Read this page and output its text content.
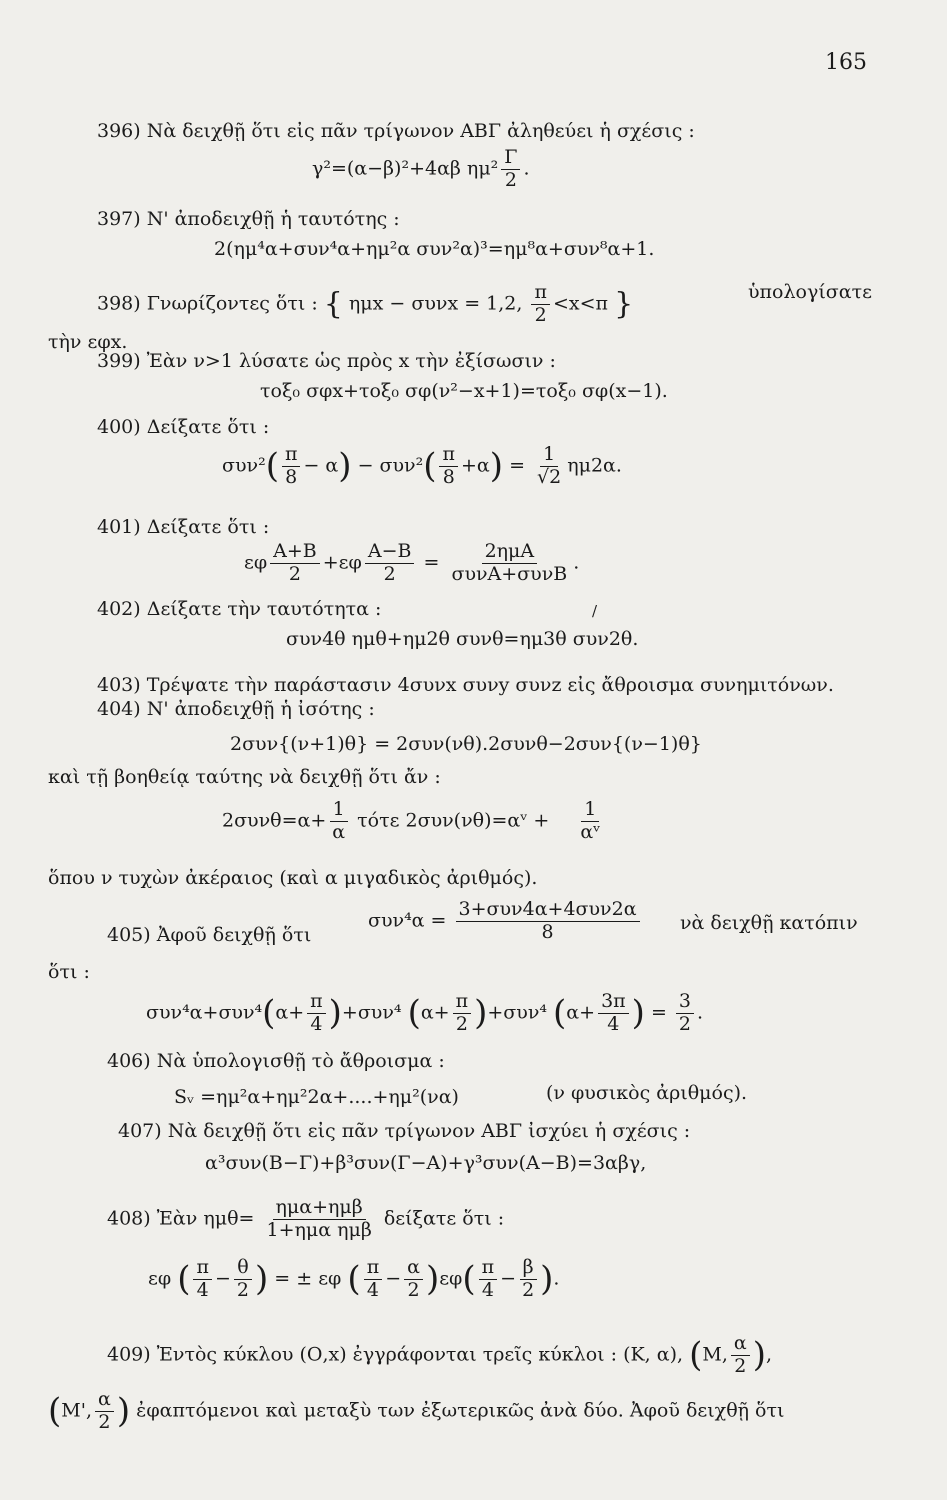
165
396) Νὰ δειχθῇ ὅτι εἰς πᾶν τρίγωνον ΑΒΓ ἀληθεύει ἡ σχέσις :
γ²=(α−β)²+4αβ $\eta\mu^2 \frac{\Gamma}{2}$ .
397) Ν' ἀποδειχθῇ ἡ ταυτότης :
2(ημ⁴α+συν⁴α+ημ²α συν²α)³=ημ⁸α+συν⁸α+1.
398) Γνωρίζοντες ὅτι : { ημx − συνx = 1,2, $\frac{\pi}{2} <x<\pi$ }	ὑπολογίσατε
τὴν εφx.
399) Ἐὰν ν>1 λύσατε ὡς πρὸς x τὴν ἐξίσωσιν :
τοξ₀ σφx+τοξ₀ σφ(ν²−x+1)=τοξ₀ σφ(x−1).
400) Δείξατε ὅτι :
$\sigma\upsilon\nu^2( \frac{\pi}{8} - \alpha) - \sigma\upsilon\nu^2( \frac{\pi}{8} +\alpha) = \frac{1}{√2} \eta\mu 2\alpha$.
401) Δείξατε ὅτι :
εφ $\frac{A+B}{2} +\varepsilon\varphi \frac{A-B}{2} = \frac{\text{2ημΑ}}{\text{συνΑ+συνΒ}}$ .
402) Δείξατε τὴν ταυτότητα :	/
συν4θ ημθ+ημ2θ συνθ=ημ3θ συν2θ.
403) Τρέψατε τὴν παράστασιν 4συνx συνy συνz εἰς ἄθροισμα συνημιτόνων.
404) Ν' ἀποδειχθῇ ἡ ἰσότης :
2συν{(ν+1)θ} = 2συν(νθ).2συνθ−2συν{(ν−1)θ}
καὶ τῇ βοηθείᾳ ταύτης νὰ δειχθῇ ὅτι ἄν :
$2\sigma\upsilon\nu\theta=\alpha+ \frac{1}{\alpha}$ τότε 2συν(νθ)=αᵛ + $\frac{1}{\text{αᵛ}}$
ὅπου ν τυχὼν ἀκέραιος (καὶ α μιγαδικὸς ἀριθμός).
405) Ἀφοῦ δειχθῇ ὅτι
$\sigma\upsilon\nu^4\alpha = \frac{\text{3+συν4α+4συν2α}}{8}$ νὰ δειχθῇ κατόπιν
ὅτι :
$\sigma\upsilon\nu^4\alpha+\sigma\upsilon\nu^4(\alpha+ \frac{\pi}{4} )+\sigma\upsilon\nu^4$ $(\alpha+ \frac{\pi}{2} )+\sigma\upsilon\nu^4$ ($\alpha+ \frac{3\pi}{4}$ ) = $\frac{3}{2}$ .
406) Νὰ ὑπολογισθῇ τὸ ἄθροισμα :
Sᵥ =ημ²α+ημ²2α+....+ημ²(να)	(ν φυσικὸς ἀριθμός).
407) Νὰ δειχθῇ ὅτι εἰς πᾶν τρίγωνον ΑΒΓ ἰσχύει ἡ σχέσις :
α³συν(Β−Γ)+β³συν(Γ−Α)+γ³συν(Α−Β)=3αβγ,
408) Ἐὰν $\eta\mu\theta= \frac{\text{ημα+ημβ}}{\text{1+ημα ημβ}}$ δείξατε ὅτι :
εφ ( $\frac{\pi}{4} - \frac{\theta}{2}$ ) = ± εφ ( $\frac{\pi}{4} - \frac{\alpha}{2} )\varepsilon\varphi( \frac{\pi}{4} - \frac{\beta}{2}$ ).
409) Ἐντὸς κύκλου (Ο,x) ἐγγράφονται τρεῖς κύκλοι : (Κ, α), (Μ, $\frac{\alpha}{2}$ ),
(Μ', $\frac{\alpha}{2}$ ) ἐφαπτόμενοι καὶ μεταξὺ των ἐξωτερικῶς ἀνὰ δύο. Ἀφοῦ δειχθῇ ὅτι
